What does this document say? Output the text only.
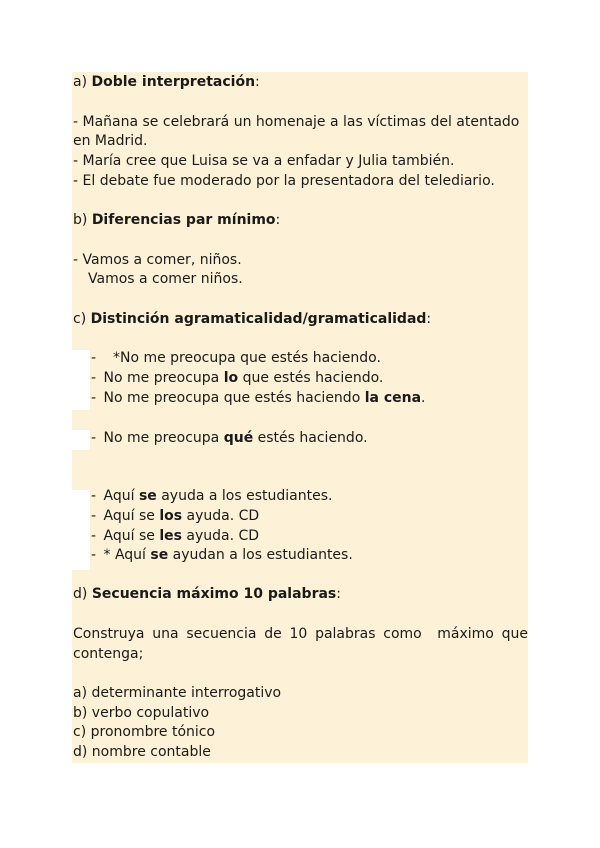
a) Doble interpretación:
- Mañana se celebrará un homenaje a las víctimas del atentado
en Madrid.
- María cree que Luisa se va a enfadar y Julia también.
- El debate fue moderado por la presentadora del telediario.
b) Diferencias par mínimo:
- Vamos a comer, niños.
Vamos a comer niños.
c) Distinción agramaticalidad/gramaticalidad:
-  *No me preocupa que estés haciendo.
- No me preocupa lo que estés haciendo.
- No me preocupa que estés haciendo la cena.
- No me preocupa qué estés haciendo.
- Aquí se ayuda a los estudiantes.
- Aquí se los ayuda. CD
- Aquí se les ayuda. CD
- * Aquí se ayudan a los estudiantes.
d) Secuencia máximo 10 palabras:
Construya una secuencia de 10 palabras como  máximo que
contenga;
a) determinante interrogativo
b) verbo copulativo
c) pronombre tónico
d) nombre contable
